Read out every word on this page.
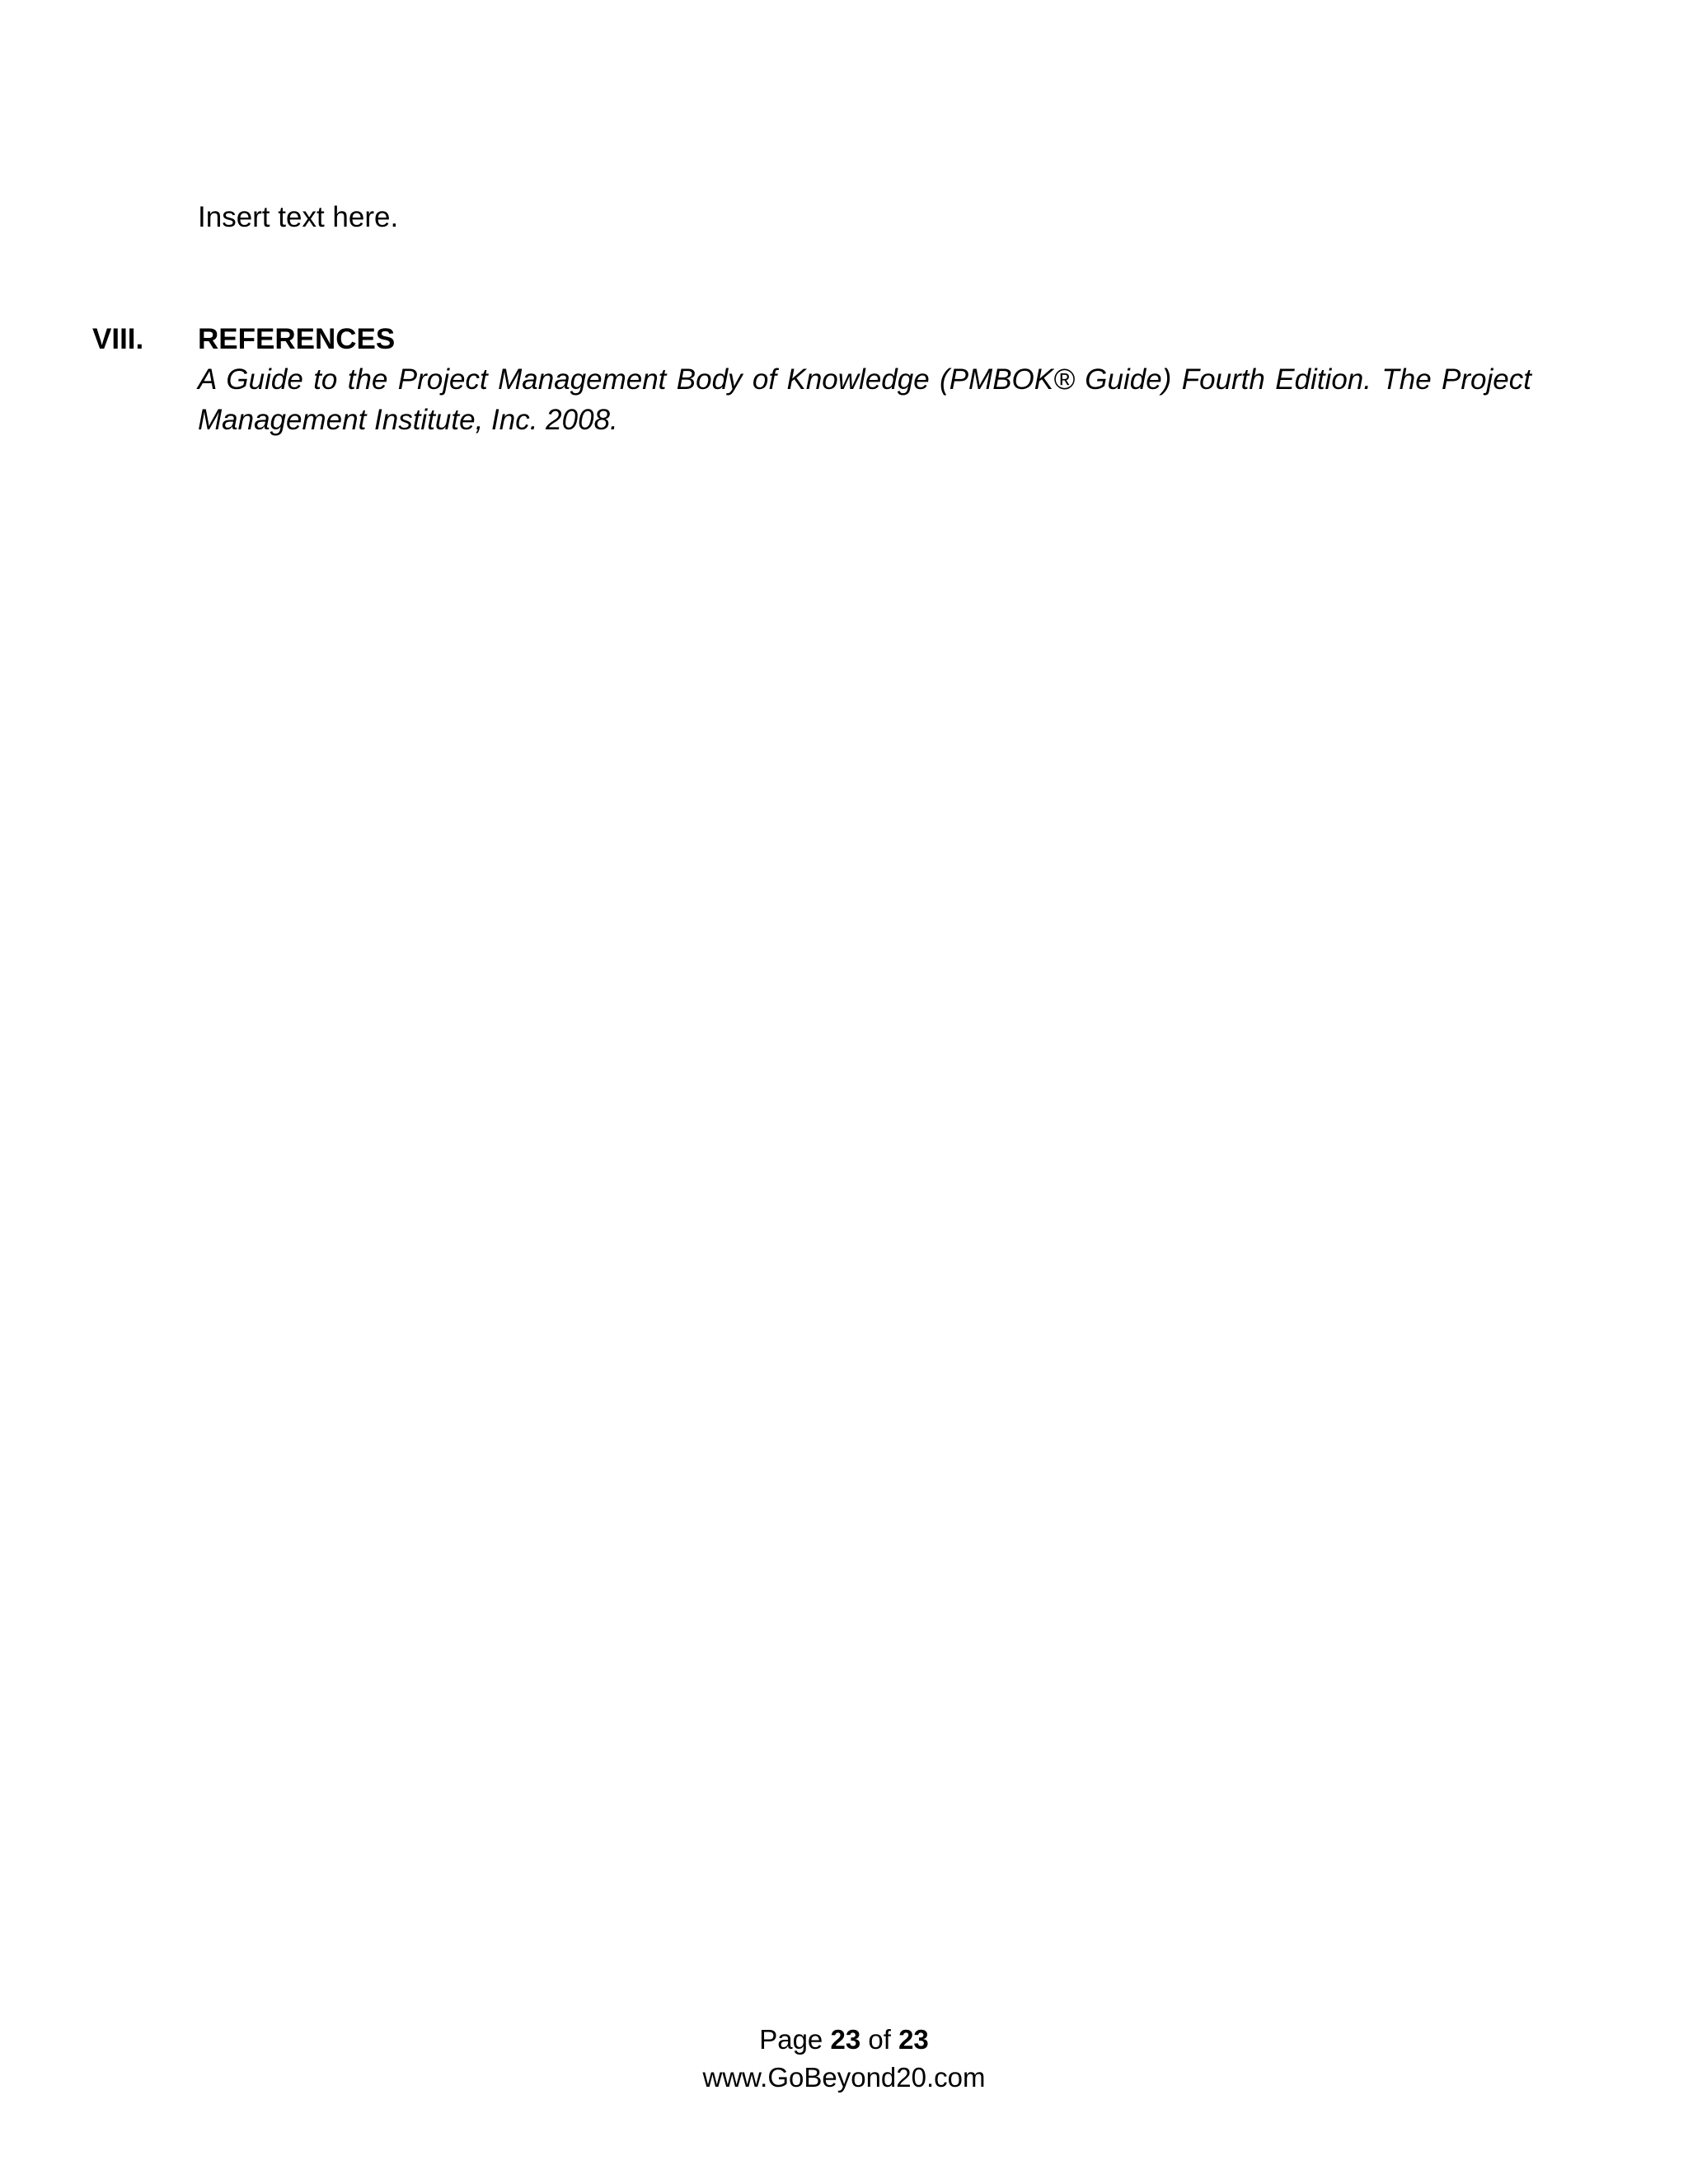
Insert text here.
VIII. REFERENCES
A Guide to the Project Management Body of Knowledge (PMBOK® Guide) Fourth Edition. The Project Management Institute, Inc. 2008.
Page 23 of 23
www.GoBeyond20.com
